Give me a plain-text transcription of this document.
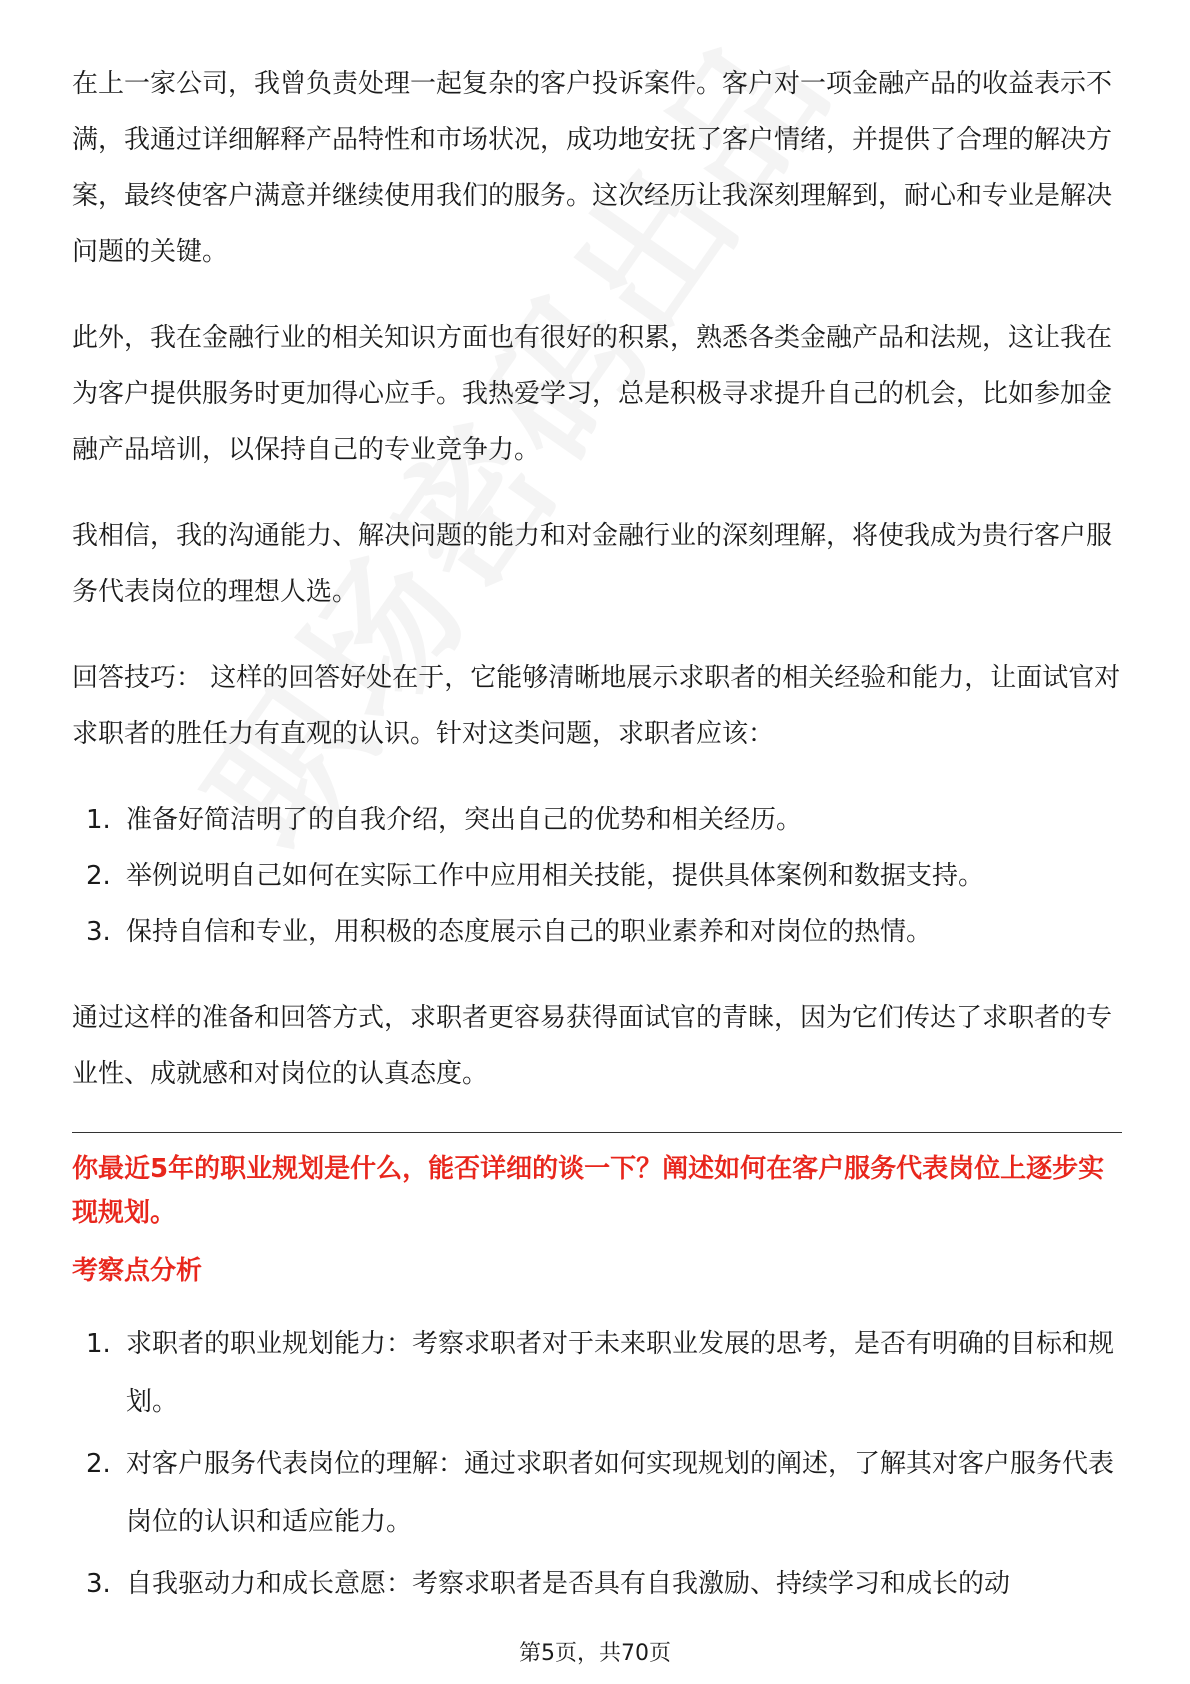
在上一家公司，我曾负责处理一起复杂的客户投诉案件。客户对一项金融产品的收益表示不满，我通过详细解释产品特性和市场状况，成功地安抚了客户情绪，并提供了合理的解决方案，最终使客户满意并继续使用我们的服务。这次经历让我深刻理解到，耐心和专业是解决问题的关键。

此外，我在金融行业的相关知识方面也有很好的积累，熟悉各类金融产品和法规，这让我在为客户提供服务时更加得心应手。我热爱学习，总是积极寻求提升自己的机会，比如参加金融产品培训，以保持自己的专业竞争力。

我相信，我的沟通能力、解决问题的能力和对金融行业的深刻理解，将使我成为贵行客户服务代表岗位的理想人选。

回答技巧： 这样的回答好处在于，它能够清晰地展示求职者的相关经验和能力，让面试官对求职者的胜任力有直观的认识。针对这类问题，求职者应该：

1. 准备好简洁明了的自我介绍，突出自己的优势和相关经历。
2. 举例说明自己如何在实际工作中应用相关技能，提供具体案例和数据支持。
3. 保持自信和专业，用积极的态度展示自己的职业素养和对岗位的热情。

通过这样的准备和回答方式，求职者更容易获得面试官的青睐，因为它们传达了求职者的专业性、成就感和对岗位的认真态度。

你最近5年的职业规划是什么，能否详细的谈一下？阐述如何在客户服务代表岗位上逐步实现规划。
考察点分析
1. 求职者的职业规划能力：考察求职者对于未来职业发展的思考，是否有明确的目标和规划。
2. 对客户服务代表岗位的理解：通过求职者如何实现规划的阐述，了解其对客户服务代表岗位的认识和适应能力。
3. 自我驱动力和成长意愿：考察求职者是否具有自我激励、持续学习和成长的动
第5页，共70页
